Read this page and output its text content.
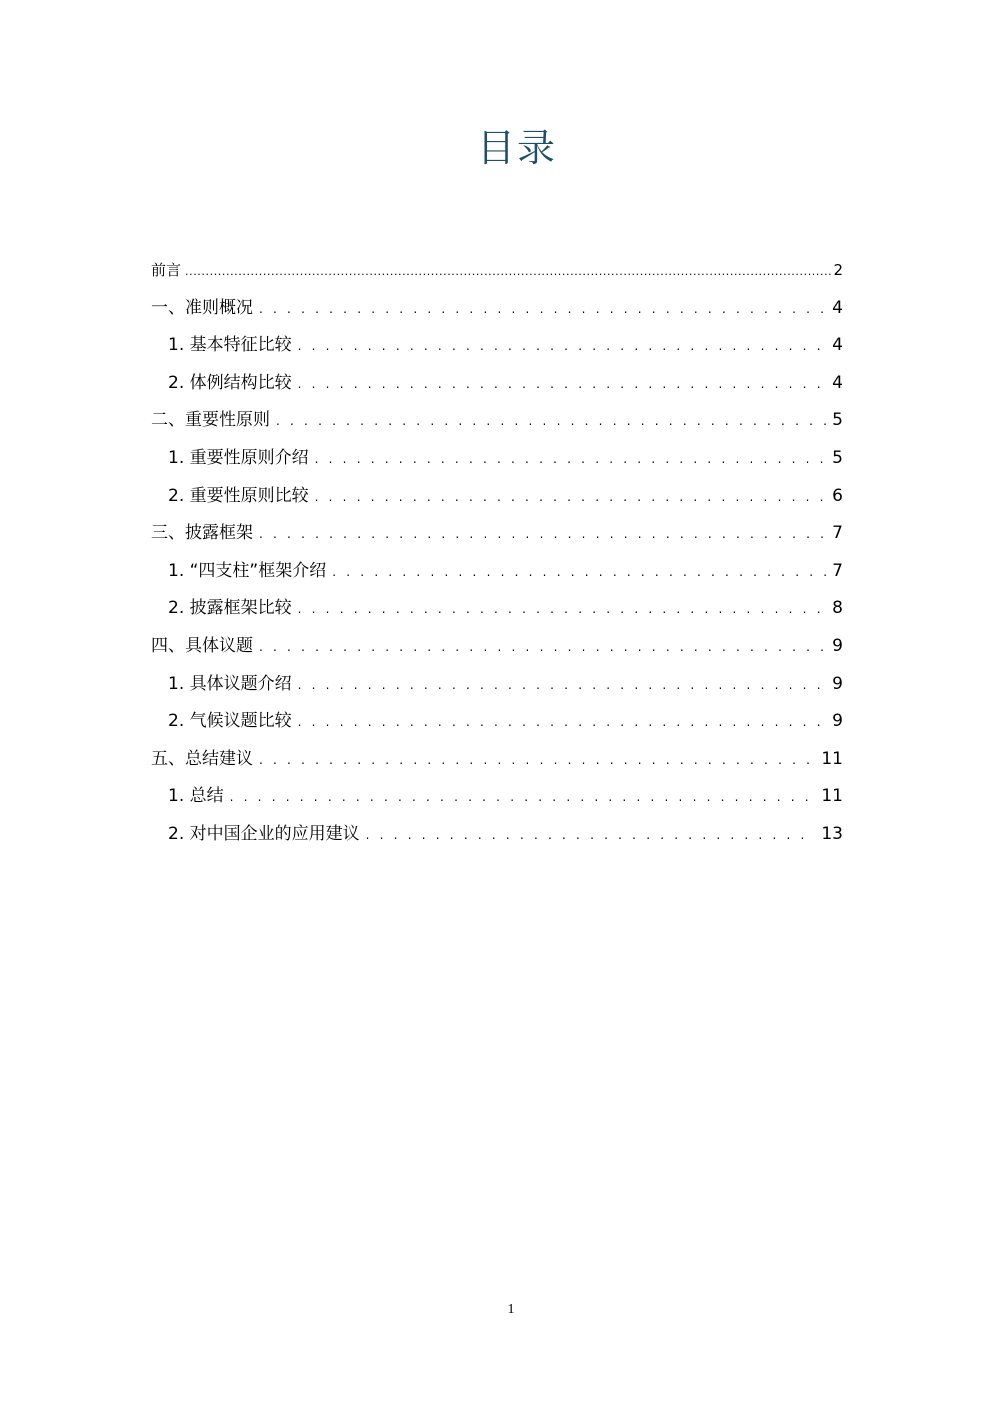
目录
前言 .....	2
一、准则概况 . . .	4
1. 基本特征比较 . . .	4
2. 体例结构比较 . . .	4
二、重要性原则 . . .	5
1. 重要性原则介绍 . . .	5
2. 重要性原则比较 . . .	6
三、披露框架 . . .	7
1. “四支柱”框架介绍 . . .	7
2. 披露框架比较 . . .	8
四、具体议题 . . .	9
1. 具体议题介绍 . . .	9
2. 气候议题比较 . . .	9
五、总结建议 . . .	11
1. 总结 . . .	11
2. 对中国企业的应用建议 . . .	13
1
